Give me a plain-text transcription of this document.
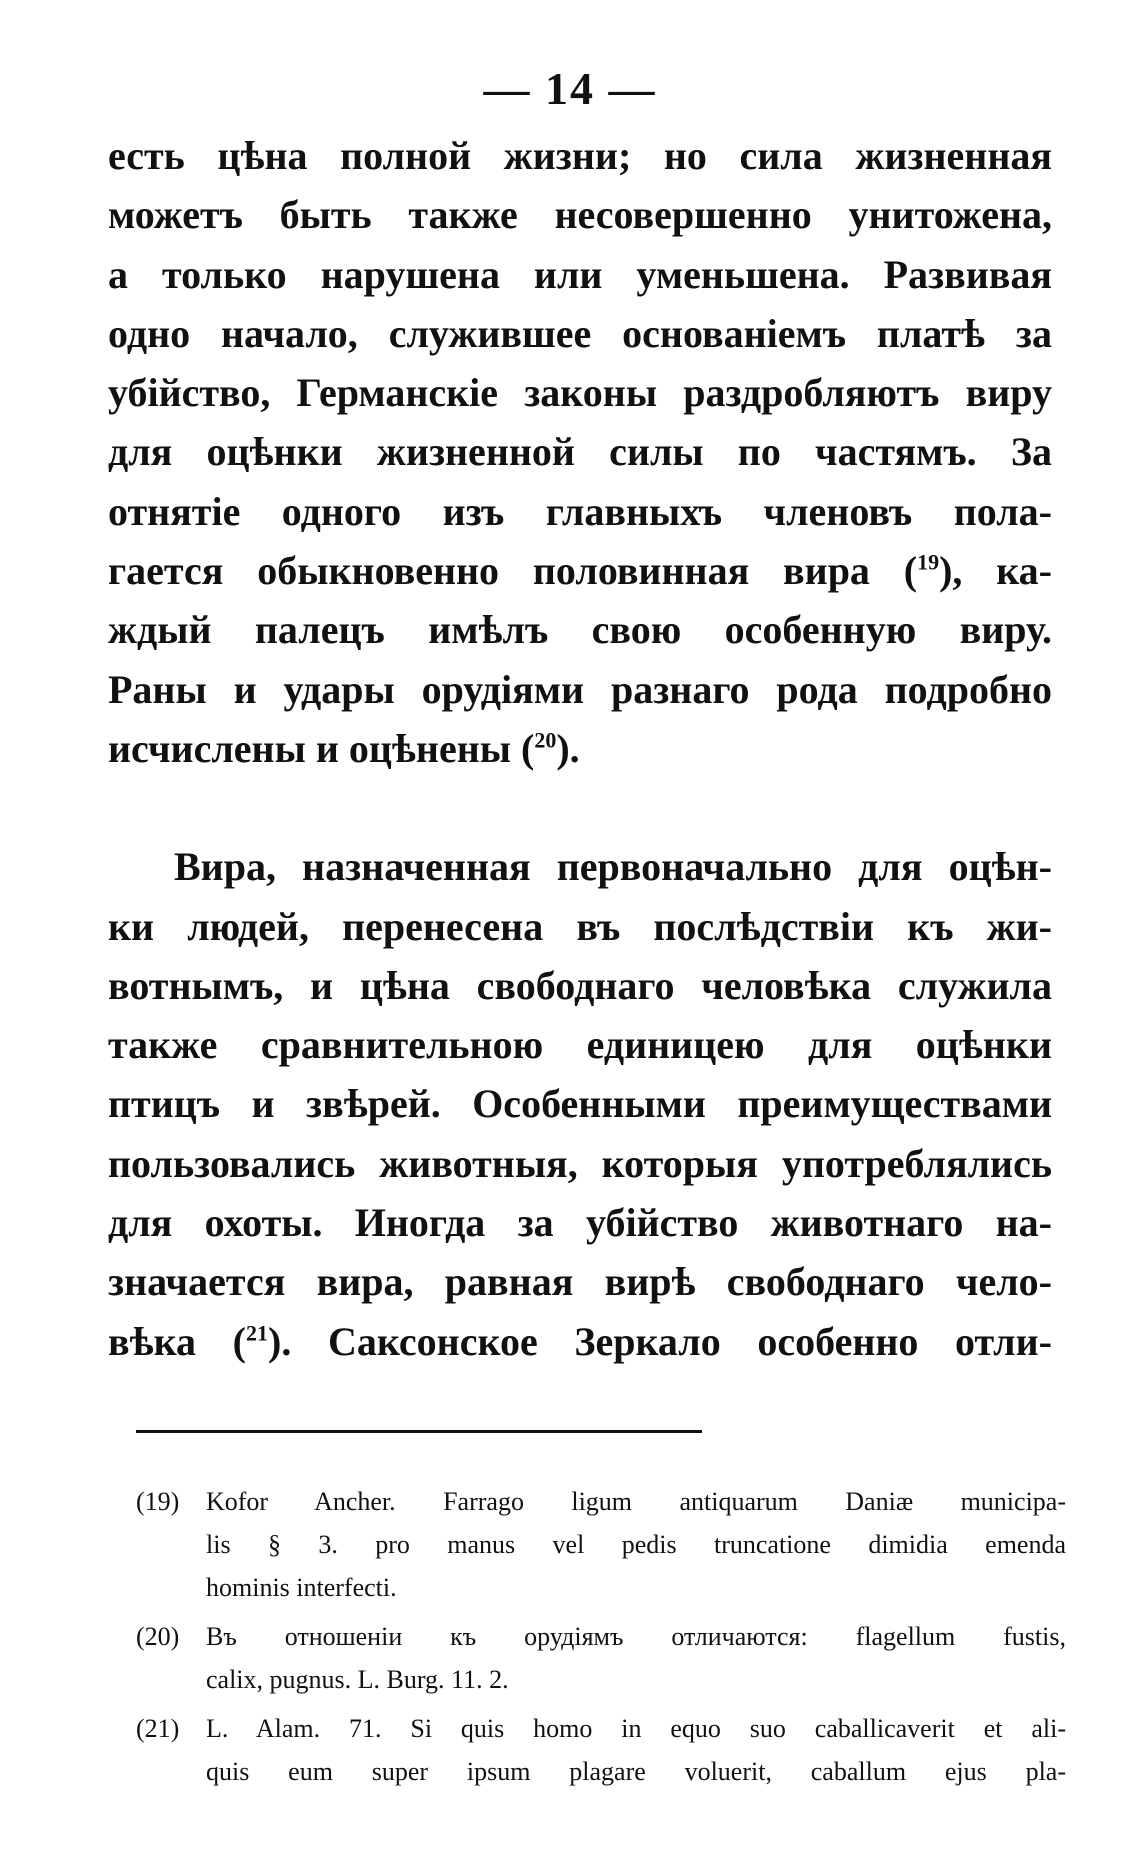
— 14 —
есть цѣна полной жизни; но сила жизненная
можетъ быть также несовершенно унитожена,
а только нарушена или уменьшена. Развивая
одно начало, служившее основаніемъ платѣ за
убійство, Германскіе законы раздробляютъ виру
для оцѣнки жизненной силы по частямъ. За
отнятіе одного изъ главныхъ членовъ пола-
гается обыкновенно половинная вира ($^{19}$), ка-
ждый палецъ имѣлъ свою особенную виру.
Раны и удары орудіями разнаго рода подробно
исчислены и оцѣнены ($^{20}$).
Вира, назначенная первоначально для оцѣн-
ки людей, перенесена въ послѣдствіи къ жи-
вотнымъ, и цѣна свободнаго человѣка служила
также сравнительною единицею для оцѣнки
птицъ и звѣрей. Особенными преимуществами
пользовались животныя, которыя употреблялись
для охоты. Иногда за убійство животнаго на-
значается вира, равная вирѣ свободнаго чело-
вѣка ($^{21}$). Саксонское Зеркало особенно отли-
(19) Kofor Ancher. Farrago ligum antiquarum Daniæ municipa-
lis § 3. pro manus vel pedis truncatione dimidia emenda
hominis interfecti.
(20) Въ отношеніи къ орудіямъ отличаются: flagellum fustis,
calix, pugnus. L. Burg. 11. 2.
(21) L. Alam. 71. Si quis homo in equo suo caballicaverit et ali-
quis eum super ipsum plagare voluerit, caballum ejus pla-
